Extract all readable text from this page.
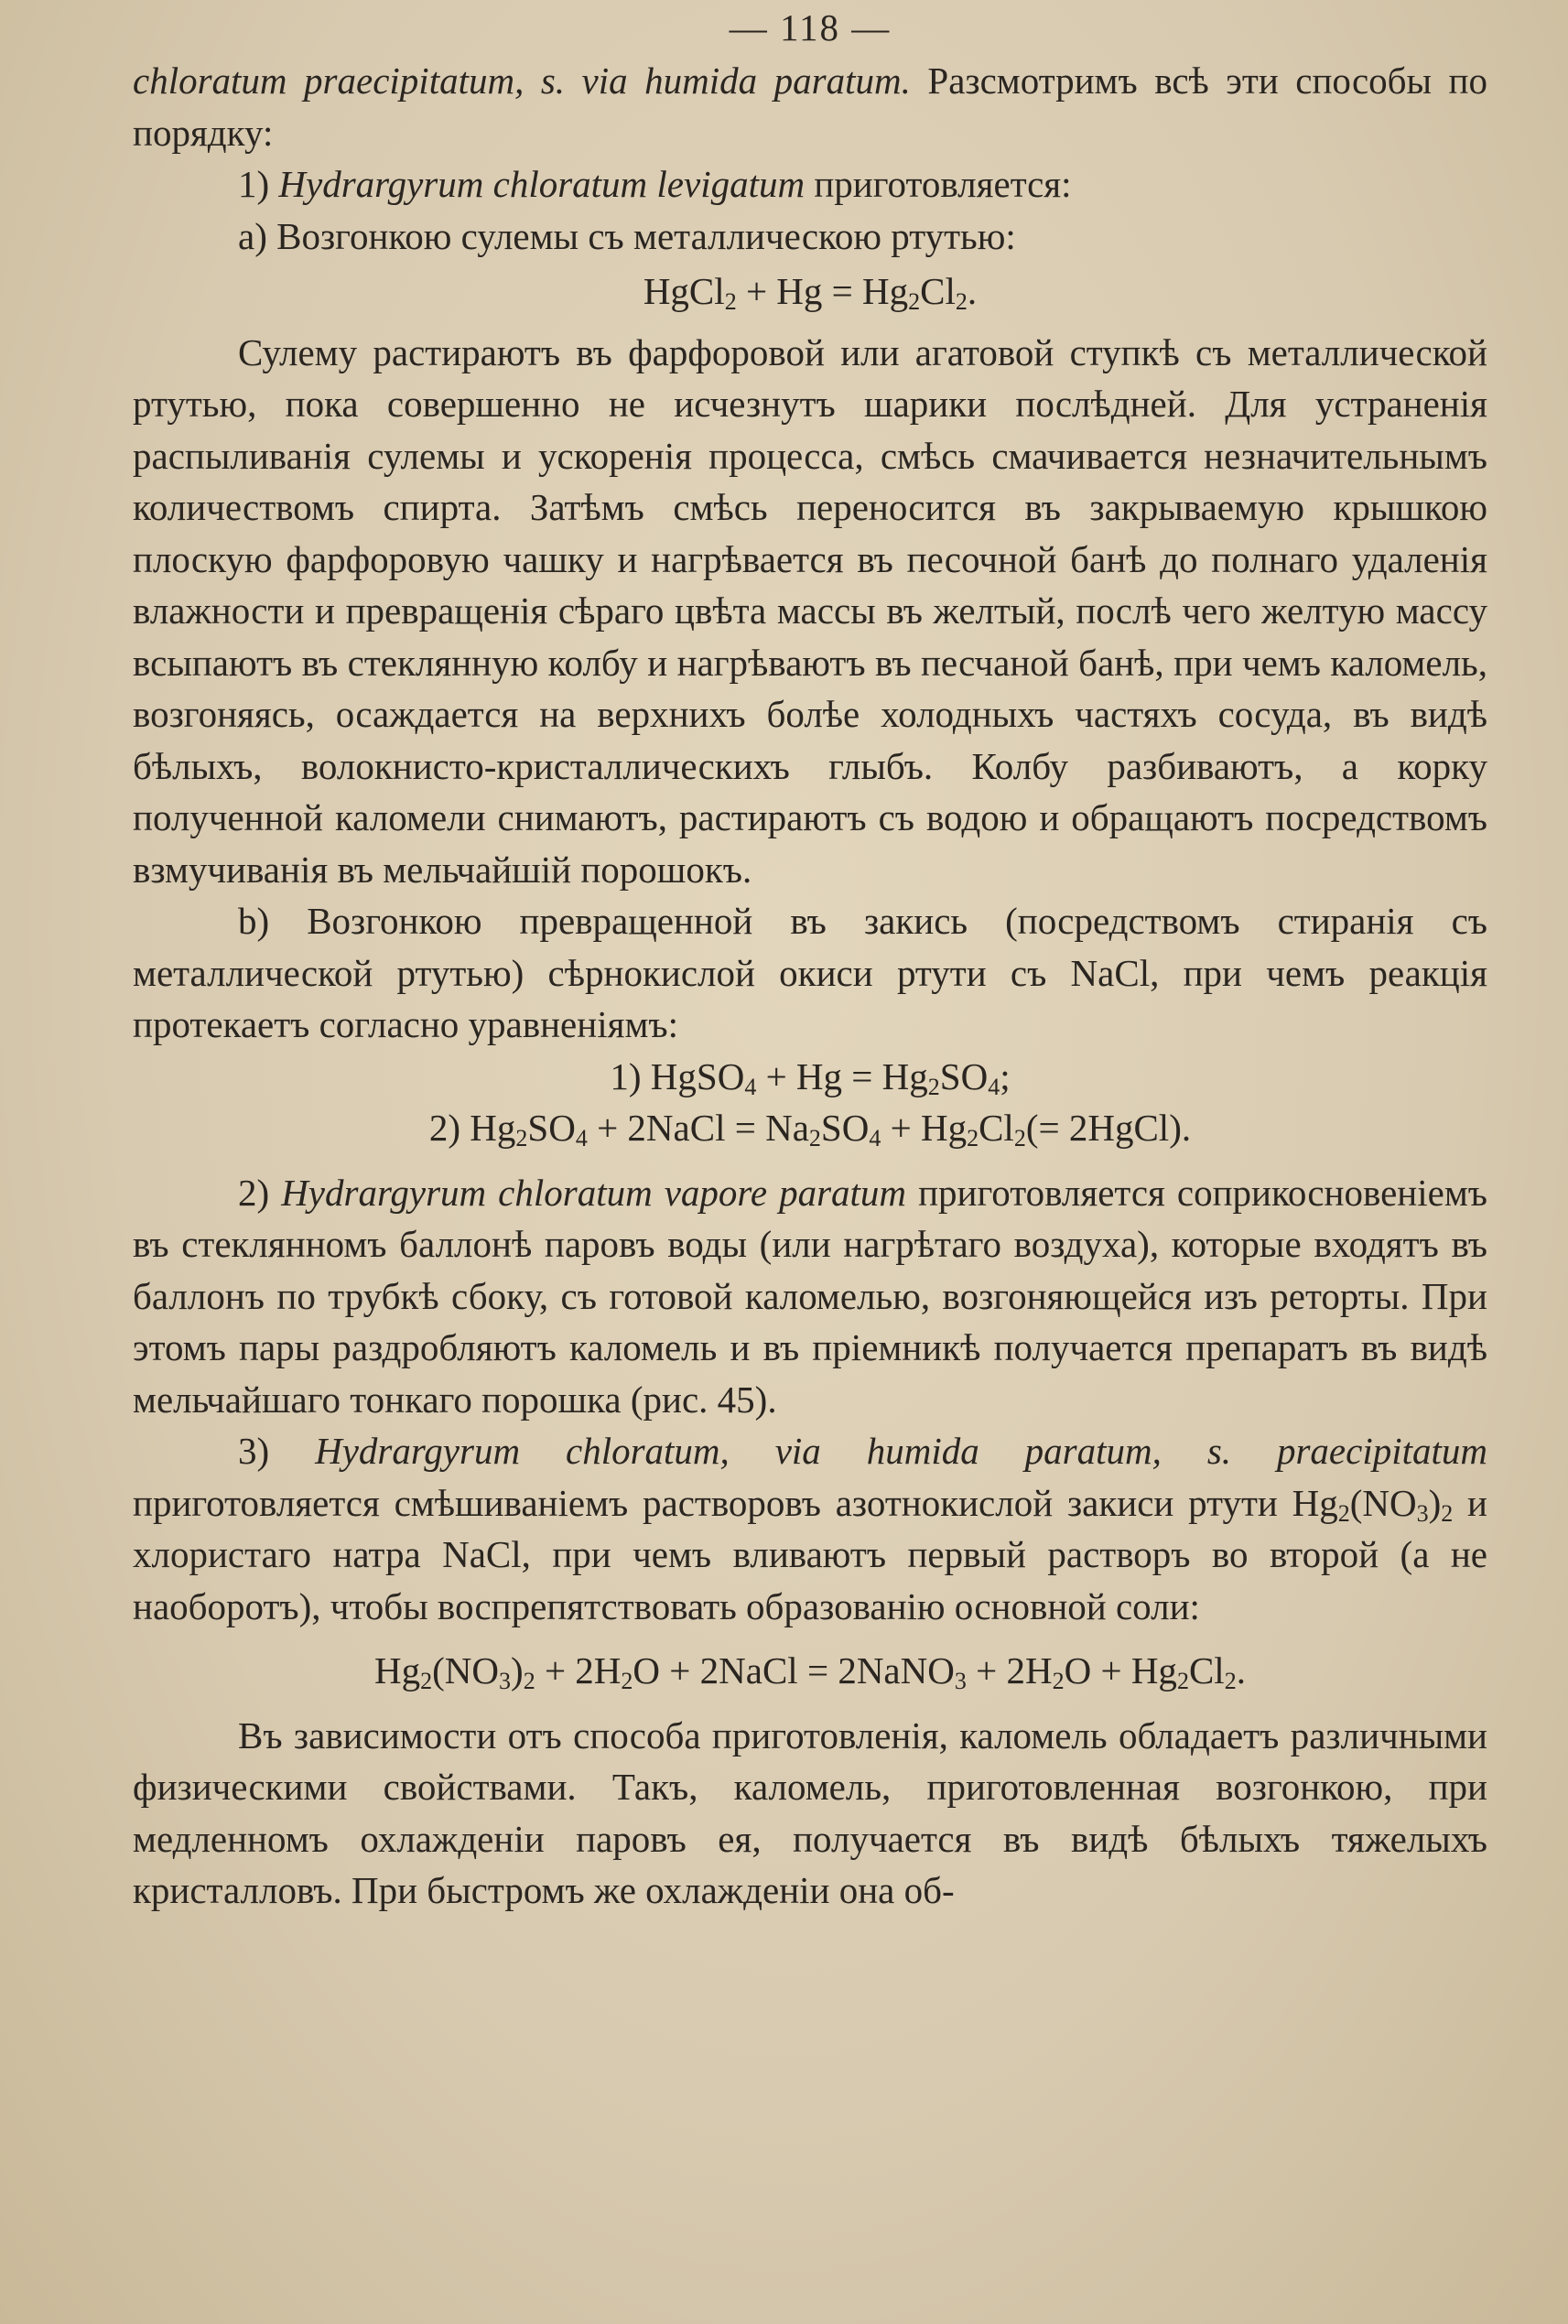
— 118 —

chloratum praecipitatum, s. via humida paratum. Разсмотримъ всѣ эти способы по порядку:

1) Hydrargyrum chloratum levigatum приготовляется:

a) Возгонкою сулемы съ металлическою ртутью:

HgCl$_2$ + $Hg = Hg_2Cl_2$.

Сулему растираютъ въ фарфоровой или агатовой ступкѣ съ металлической ртутью, пока совершенно не исчезнутъ шарики послѣдней. Для устраненія распыливанія сулемы и ускоренія процесса, смѣсь смачивается незначительнымъ количествомъ спирта. Затѣмъ смѣсь переносится въ закрываемую крышкою плоскую фарфоровую чашку и нагрѣвается въ песочной банѣ до полнаго удаленія влажности и превращенія сѣраго цвѣта массы въ желтый, послѣ чего желтую массу всыпаютъ въ стеклянную колбу и нагрѣваютъ въ песчаной банѣ, при чемъ каломель, возгоняясь, осаждается на верхнихъ болѣе холодныхъ частяхъ сосуда, въ видѣ бѣлыхъ, волокнисто-кристаллическихъ глыбъ. Колбу разбиваютъ, а корку полученной каломели снимаютъ, растираютъ съ водою и обращаютъ посредствомъ взмучиванія въ мельчайшій порошокъ.

b) Возгонкою превращенной въ закись (посредствомъ стиранія съ металлической ртутью) сѣрнокислой окиси ртути съ NaCl, при чемъ реакція протекаетъ согласно уравненіямъ:

1) HgSO$_4$ + $Hg = Hg_2SO_4$;

2) $Hg_2SO_4$ + 2NaCl = $Na_2SO_4 + Hg_2Cl_2(=$ 2HgCl).

2) Hydrargyrum chloratum vapore paratum приготовляется соприкосновеніемъ въ стеклянномъ баллонѣ паровъ воды (или нагрѣтаго воздуха), которые входятъ въ баллонъ по трубкѣ сбоку, съ готовой каломелью, возгоняющейся изъ реторты. При этомъ пары раздробляютъ каломель и въ пріемникѣ получается препаратъ въ видѣ мельчайшаго тонкаго порошка (рис. 45).

3) Hydrargyrum chloratum, via humida paratum, s. praecipitatum приготовляется смѣшиваніемъ растворовъ азотнокислой закиси ртути $Hg_2(NO_3)_2$ и хлористаго натра NaCl, при чемъ вливаютъ первый растворъ во второй (а не наоборотъ), чтобы воспрепятствовать образованію основной соли:

$Hg_2(NO_3)_2 + 2H_2O$ + 2NaCl = 2NaNO$_3$ + $2H_2O + Hg_2Cl_2$.

Въ зависимости отъ способа приготовленія, каломель обладаетъ различными физическими свойствами. Такъ, каломель, приготовленная возгонкою, при медленномъ охлажденіи паровъ ея, получается въ видѣ бѣлыхъ тяжелыхъ кристалловъ. При быстромъ же охлажденіи она об-
